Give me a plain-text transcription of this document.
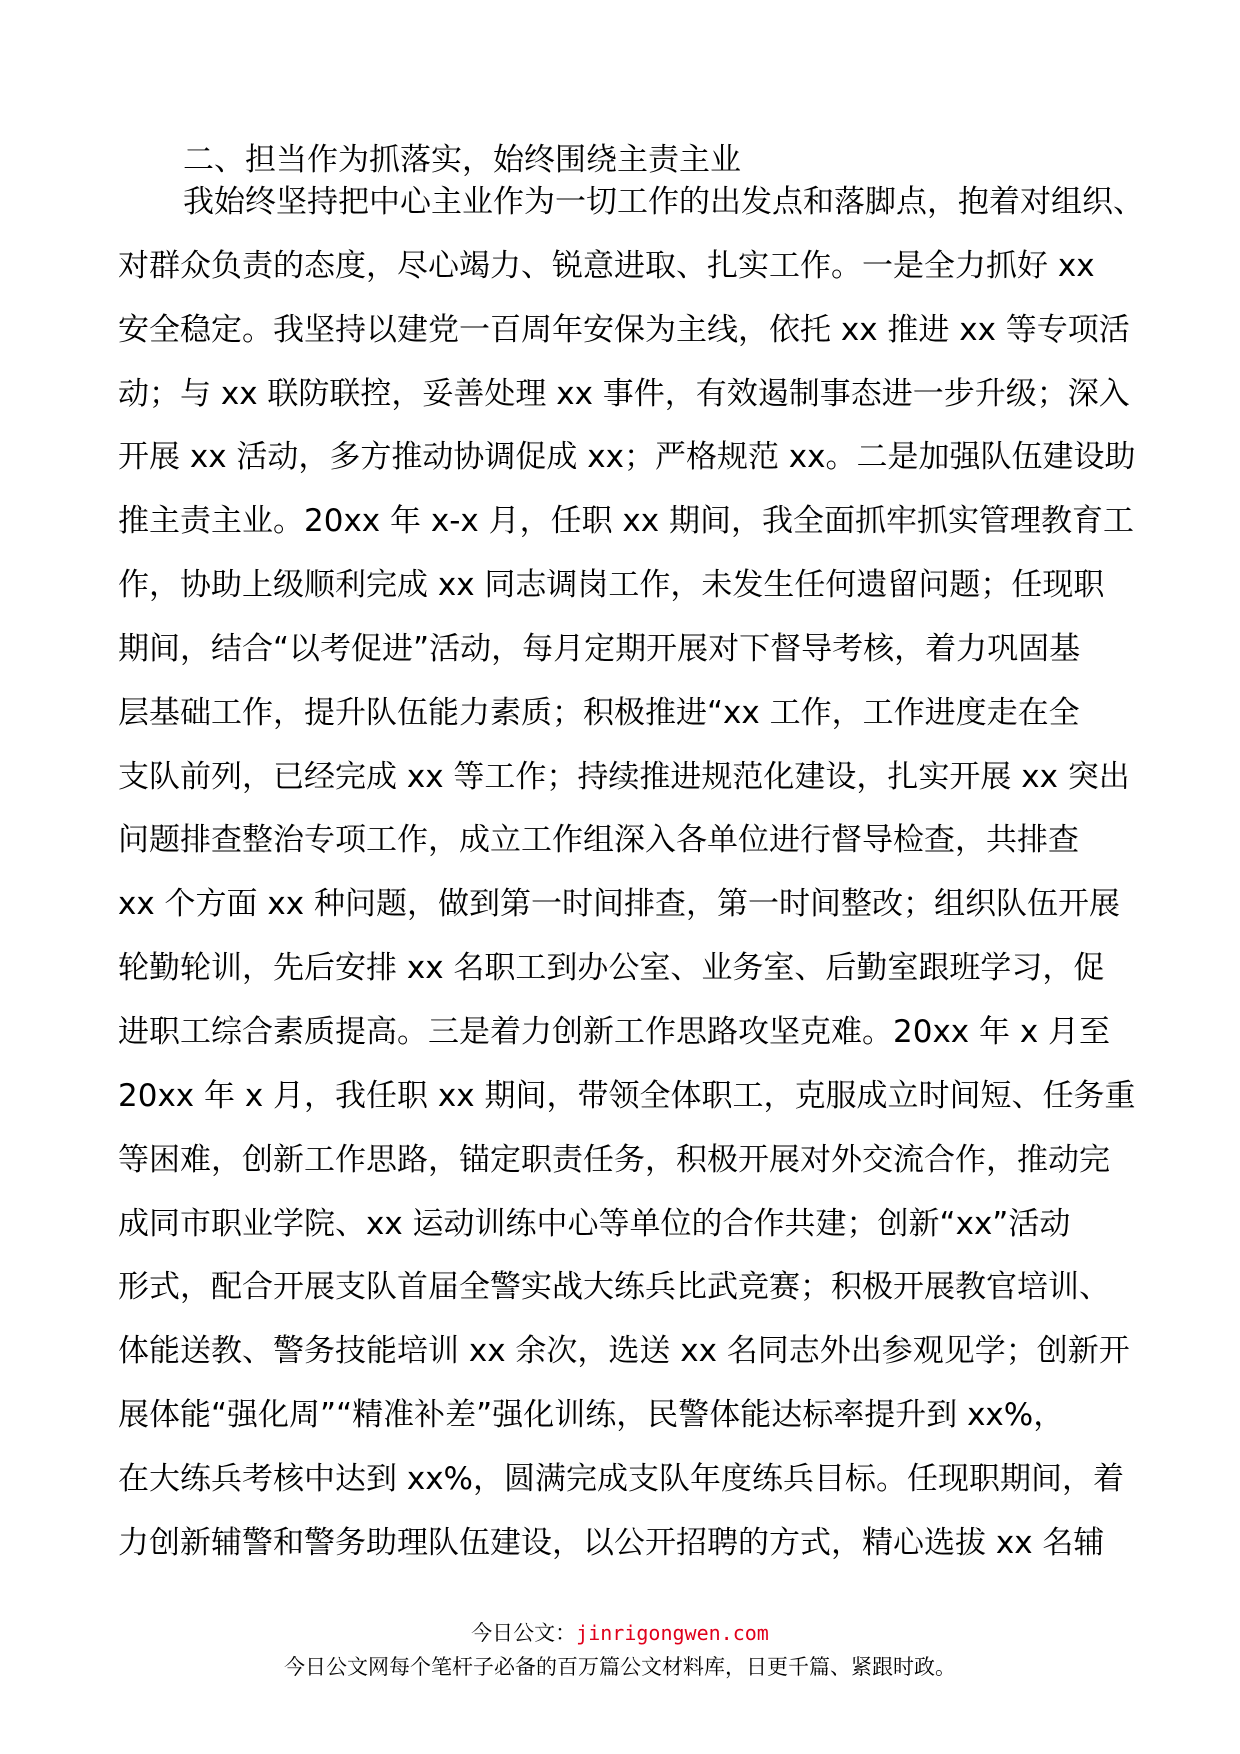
二、担当作为抓落实，始终围绕主责主业
我始终坚持把中心主业作为一切工作的出发点和落脚点，抱着对组织、
对群众负责的态度，尽心竭力、锐意进取、扎实工作。一是全力抓好 xx
安全稳定。我坚持以建党一百周年安保为主线，依托 xx 推进 xx 等专项活
动；与 xx 联防联控，妥善处理 xx 事件，有效遏制事态进一步升级；深入
开展 xx 活动，多方推动协调促成 xx；严格规范 xx。二是加强队伍建设助
推主责主业。20xx 年 x-x 月，任职 xx 期间，我全面抓牢抓实管理教育工
作，协助上级顺利完成 xx 同志调岗工作，未发生任何遗留问题；任现职
期间，结合“以考促进”活动，每月定期开展对下督导考核，着力巩固基
层基础工作，提升队伍能力素质；积极推进“xx 工作，工作进度走在全
支队前列，已经完成 xx 等工作；持续推进规范化建设，扎实开展 xx 突出
问题排查整治专项工作，成立工作组深入各单位进行督导检查，共排查
xx 个方面 xx 种问题，做到第一时间排查，第一时间整改；组织队伍开展
轮勤轮训，先后安排 xx 名职工到办公室、业务室、后勤室跟班学习，促
进职工综合素质提高。三是着力创新工作思路攻坚克难。20xx 年 x 月至
20xx 年 x 月，我任职 xx 期间，带领全体职工，克服成立时间短、任务重
等困难，创新工作思路，锚定职责任务，积极开展对外交流合作，推动完
成同市职业学院、xx 运动训练中心等单位的合作共建；创新“xx”活动
形式，配合开展支队首届全警实战大练兵比武竞赛；积极开展教官培训、
体能送教、警务技能培训 xx 余次，选送 xx 名同志外出参观见学；创新开
展体能“强化周”“精准补差”强化训练，民警体能达标率提升到 xx%，
在大练兵考核中达到 xx%，圆满完成支队年度练兵目标。任现职期间，着
力创新辅警和警务助理队伍建设，以公开招聘的方式，精心选拔 xx 名辅
今日公文：jinrigongwen.com
今日公文网每个笔杆子必备的百万篇公文材料库，日更千篇、紧跟时政。
